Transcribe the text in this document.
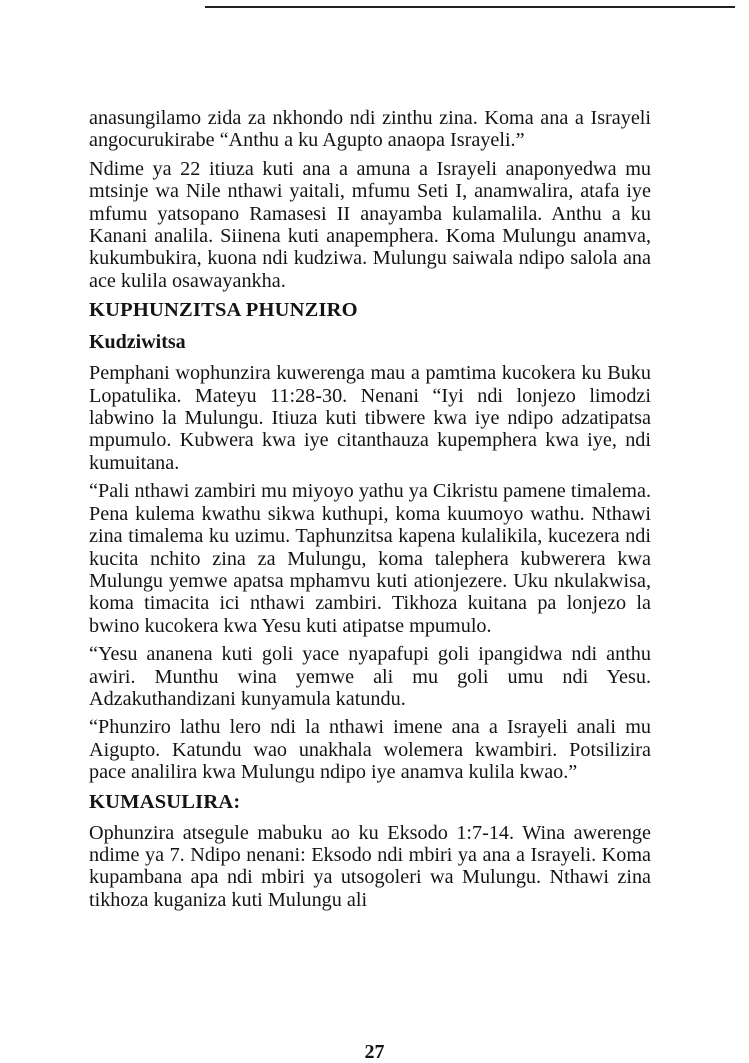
anasungilamo zida za nkhondo ndi zinthu zina. Koma ana a Israyeli angocurukirabe “Anthu a ku Agupto anaopa Israyeli.”

Ndime ya 22 itiuza kuti ana a amuna a Israyeli anaponyedwa mu mtsinje wa Nile nthawi yaitali, mfumu Seti I, anamwalira, atafa iye mfumu yatsopano Ramasesi II anayamba kulamalila. Anthu a ku Kanani analila. Siinena kuti anapemphera. Koma Mulungu anamva, kukumbukira, kuona ndi kudziwa. Mulungu saiwala ndipo salola ana ace kulila osawayankha.

KUPHUNZITSA PHUNZIRO
Kudziwitsa

Pemphani wophunzira kuwerenga mau a pamtima kucokera ku Buku Lopatulika. Mateyu 11:28-30. Nenani “Iyi ndi lonjezo limodzi labwino la Mulungu. Itiuza kuti tibwere kwa iye ndipo adzatipatsa mpumulo. Kubwera kwa iye citanthauza kupemphera kwa iye, ndi kumuitana.

“Pali nthawi zambiri mu miyoyo yathu ya Cikristu pamene timalema. Pena kulema kwathu sikwa kuthupi, koma kuumoyo wathu. Nthawi zina timalema ku uzimu. Taphunzitsa kapena kulalikila, kucezera ndi kucita nchito zina za Mulungu, koma talephera kubwerera kwa Mulungu yemwe apatsa mphamvu kuti ationjezere. Uku nkulakwisa, koma timacita ici nthawi zambiri. Tikhoza kuitana pa lonjezo la bwino kucokera kwa Yesu kuti atipatse mpumulo.

“Yesu ananena kuti goli yace nyapafupi goli ipangidwa ndi anthu awiri. Munthu wina yemwe ali mu goli umu ndi Yesu. Adzakuthandizani kunyamula katundu.

“Phunziro lathu lero ndi la nthawi imene ana a Israyeli anali mu Aigupto. Katundu wao unakhala wolemera kwambiri. Potsilizira pace analilira kwa Mulungu ndipo iye anamva kulila kwao.”

KUMASULIRA:

Ophunzira atsegule mabuku ao ku Eksodo 1:7-14. Wina awerenge ndime ya 7. Ndipo nenani: Eksodo ndi mbiri ya ana a Israyeli. Koma kupambana apa ndi mbiri ya utsogoleri wa Mulungu. Nthawi zina tikhoza kuganiza kuti Mulungu ali

27
